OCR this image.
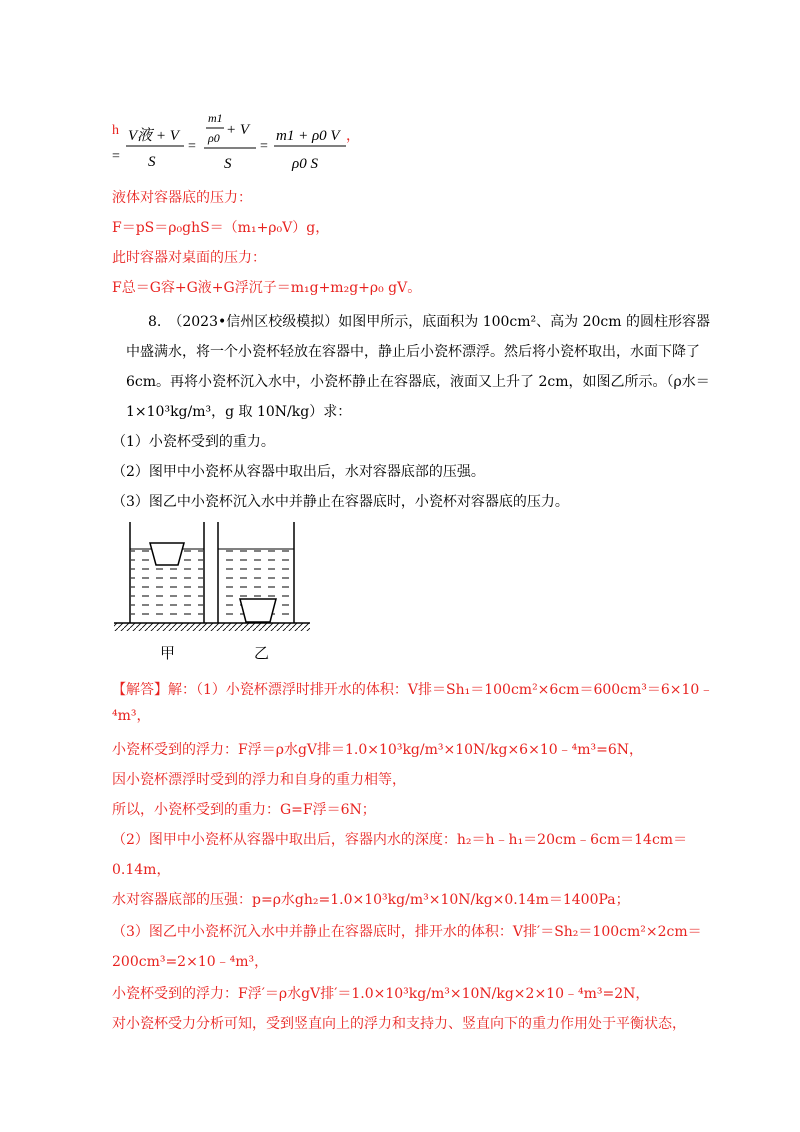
h
=
V液 + V
S
=
m1
ρ0 + V
S
=
m1 + ρ0 V
ρ0 S
，
液体对容器底的压力：
F＝pS＝ρ₀ghS＝（m₁+ρ₀V）g，
此时容器对桌面的压力：
F总＝G容+G液+G浮沉子＝m₁g+m₂g+ρ₀ gV。
8.　（2023•信州区校级模拟）如图甲所示，底面积为 100cm²、高为 20cm 的圆柱形容器
中盛满水，将一个小瓷杯轻放在容器中，静止后小瓷杯漂浮。然后将小瓷杯取出，水面下降了
6cm。再将小瓷杯沉入水中，小瓷杯静止在容器底，液面又上升了 2cm，如图乙所示。（ρ水＝
1×10³kg/m³，g 取 10N/kg）求：
（1）小瓷杯受到的重力。
（2）图甲中小瓷杯从容器中取出后，水对容器底部的压强。
（3）图乙中小瓷杯沉入水中并静止在容器底时，小瓷杯对容器底的压力。
甲	乙
【解答】解：（1）小瓷杯漂浮时排开水的体积：V排＝Sh₁＝100cm²×6cm＝600cm³＝6×10﹣
⁴m³，
小瓷杯受到的浮力：F浮＝ρ水gV排＝1.0×10³kg/m³×10N/kg×6×10﹣⁴m³=6N，
因小瓷杯漂浮时受到的浮力和自身的重力相等，
所以，小瓷杯受到的重力：G=F浮＝6N；
（2）图甲中小瓷杯从容器中取出后，容器内水的深度：h₂＝h﹣h₁＝20cm﹣6cm＝14cm＝
0.14m，
水对容器底部的压强：p=ρ水gh₂=1.0×10³kg/m³×10N/kg×0.14m＝1400Pa；
（3）图乙中小瓷杯沉入水中并静止在容器底时，排开水的体积：V排′＝Sh₂＝100cm²×2cm＝
200cm³=2×10﹣⁴m³，
小瓷杯受到的浮力：F浮′＝ρ水gV排′＝1.0×10³kg/m³×10N/kg×2×10﹣⁴m³=2N，
对小瓷杯受力分析可知，受到竖直向上的浮力和支持力、竖直向下的重力作用处于平衡状态，
